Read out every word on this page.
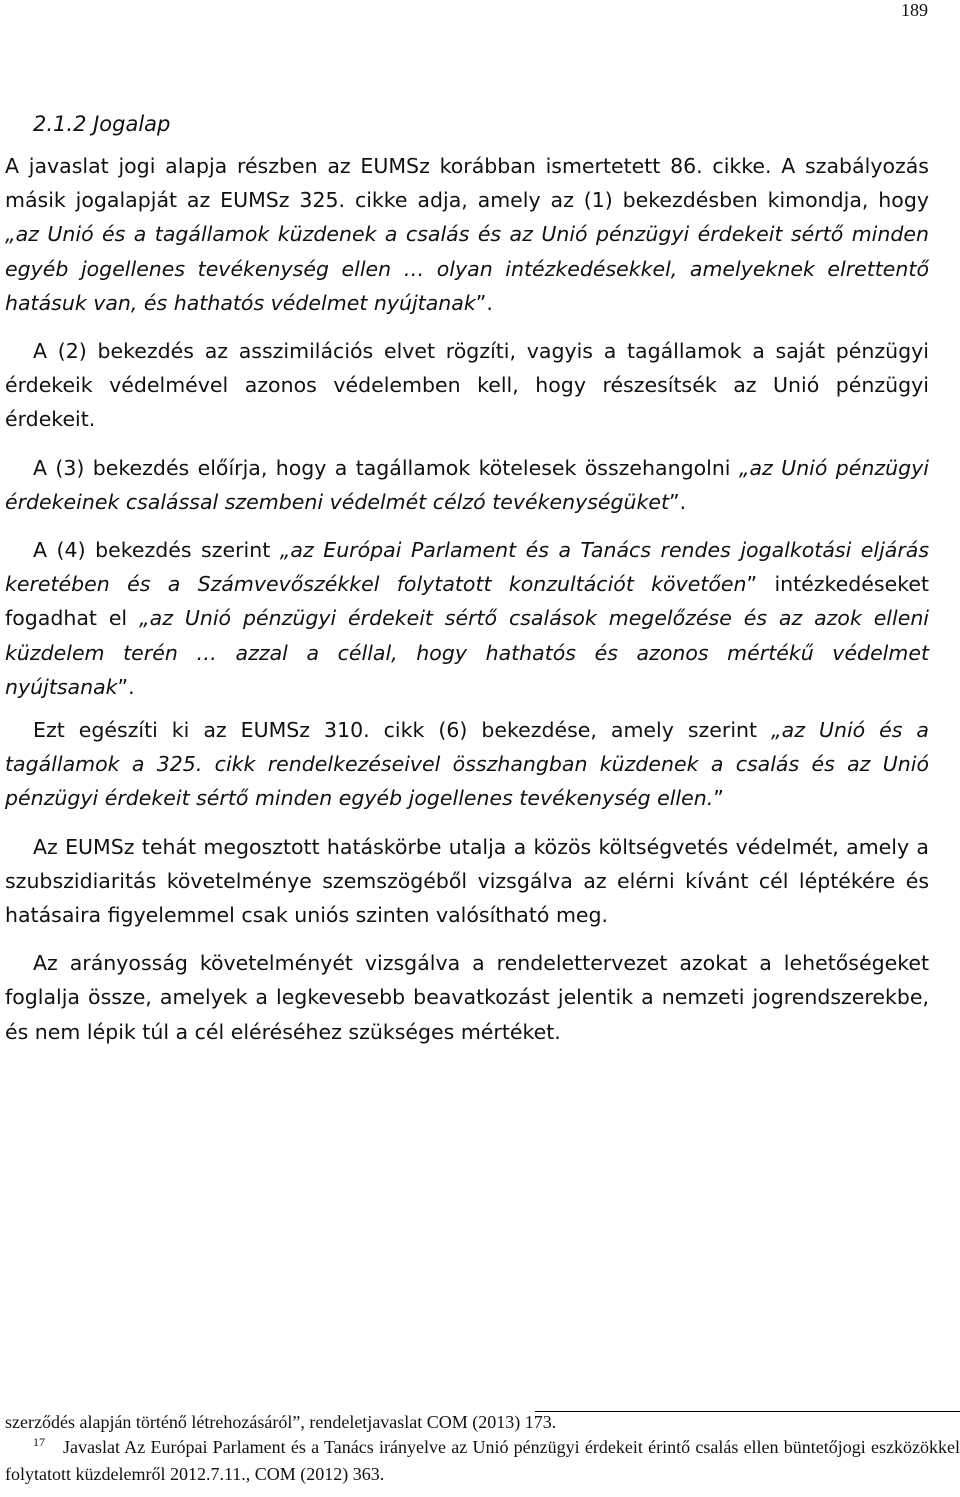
189
2.1.2 Jogalap

A javaslat jogi alapja részben az EUMSz korábban ismertetett 86. cikke. A szabályozás másik jogalapját az EUMSz 325. cikke adja, amely az (1) bekezdésben kimondja, hogy „az Unió és a tagállamok küzdenek a csalás és az Unió pénzügyi érdekeit sértő minden egyéb jogellenes tevékenység ellen … olyan intézkedésekkel, amelyeknek elrettentő hatásuk van, és hathatós védelmet nyújtanak”.

A (2) bekezdés az asszimilációs elvet rögzíti, vagyis a tagállamok a saját pénzügyi érdekeik védelmével azonos védelemben kell, hogy részesítsék az Unió pénzügyi érdekeit.

A (3) bekezdés előírja, hogy a tagállamok kötelesek összehangolni „az Unió pénzügyi érdekeinek csalással szembeni védelmét célzó tevékenységüket”.

A (4) bekezdés szerint „az Európai Parlament és a Tanács rendes jogalkotási eljárás keretében és a Számvevőszékkel folytatott konzultációt követően” intézkedéseket fogadhat el „az Unió pénzügyi érdekeit sértő csalások megelőzése és az azok elleni küzdelem terén … azzal a céllal, hogy hathatós és azonos mértékű védelmet nyújtsanak”.

Ezt egészíti ki az EUMSz 310. cikk (6) bekezdése, amely szerint „az Unió és a tagállamok a 325. cikk rendelkezéseivel összhangban küzdenek a csalás és az Unió pénzügyi érdekeit sértő minden egyéb jogellenes tevékenység ellen.”

Az EUMSz tehát megosztott hatáskörbe utalja a közös költségvetés védelmét, amely a szubszidiaritás követelménye szemszögéből vizsgálva az elérni kívánt cél léptékére és hatásaira figyelemmel csak uniós szinten valósítható meg.

Az arányosság követelményét vizsgálva a rendelettervezet azokat a lehetőségeket foglalja össze, amelyek a legkevesebb beavatkozást jelentik a nemzeti jogrendszerekbe, és nem lépik túl a cél eléréséhez szükséges mértéket.

szerződés alapján történő létrehozásáról”, rendeletjavaslat COM (2013) 173.

$^{17}$ Javaslat Az Európai Parlament és a Tanács irányelve az Unió pénzügyi érdekeit érintő csalás ellen büntetőjogi eszközökkel folytatott küzdelemről 2012.7.11., COM (2012) 363.
